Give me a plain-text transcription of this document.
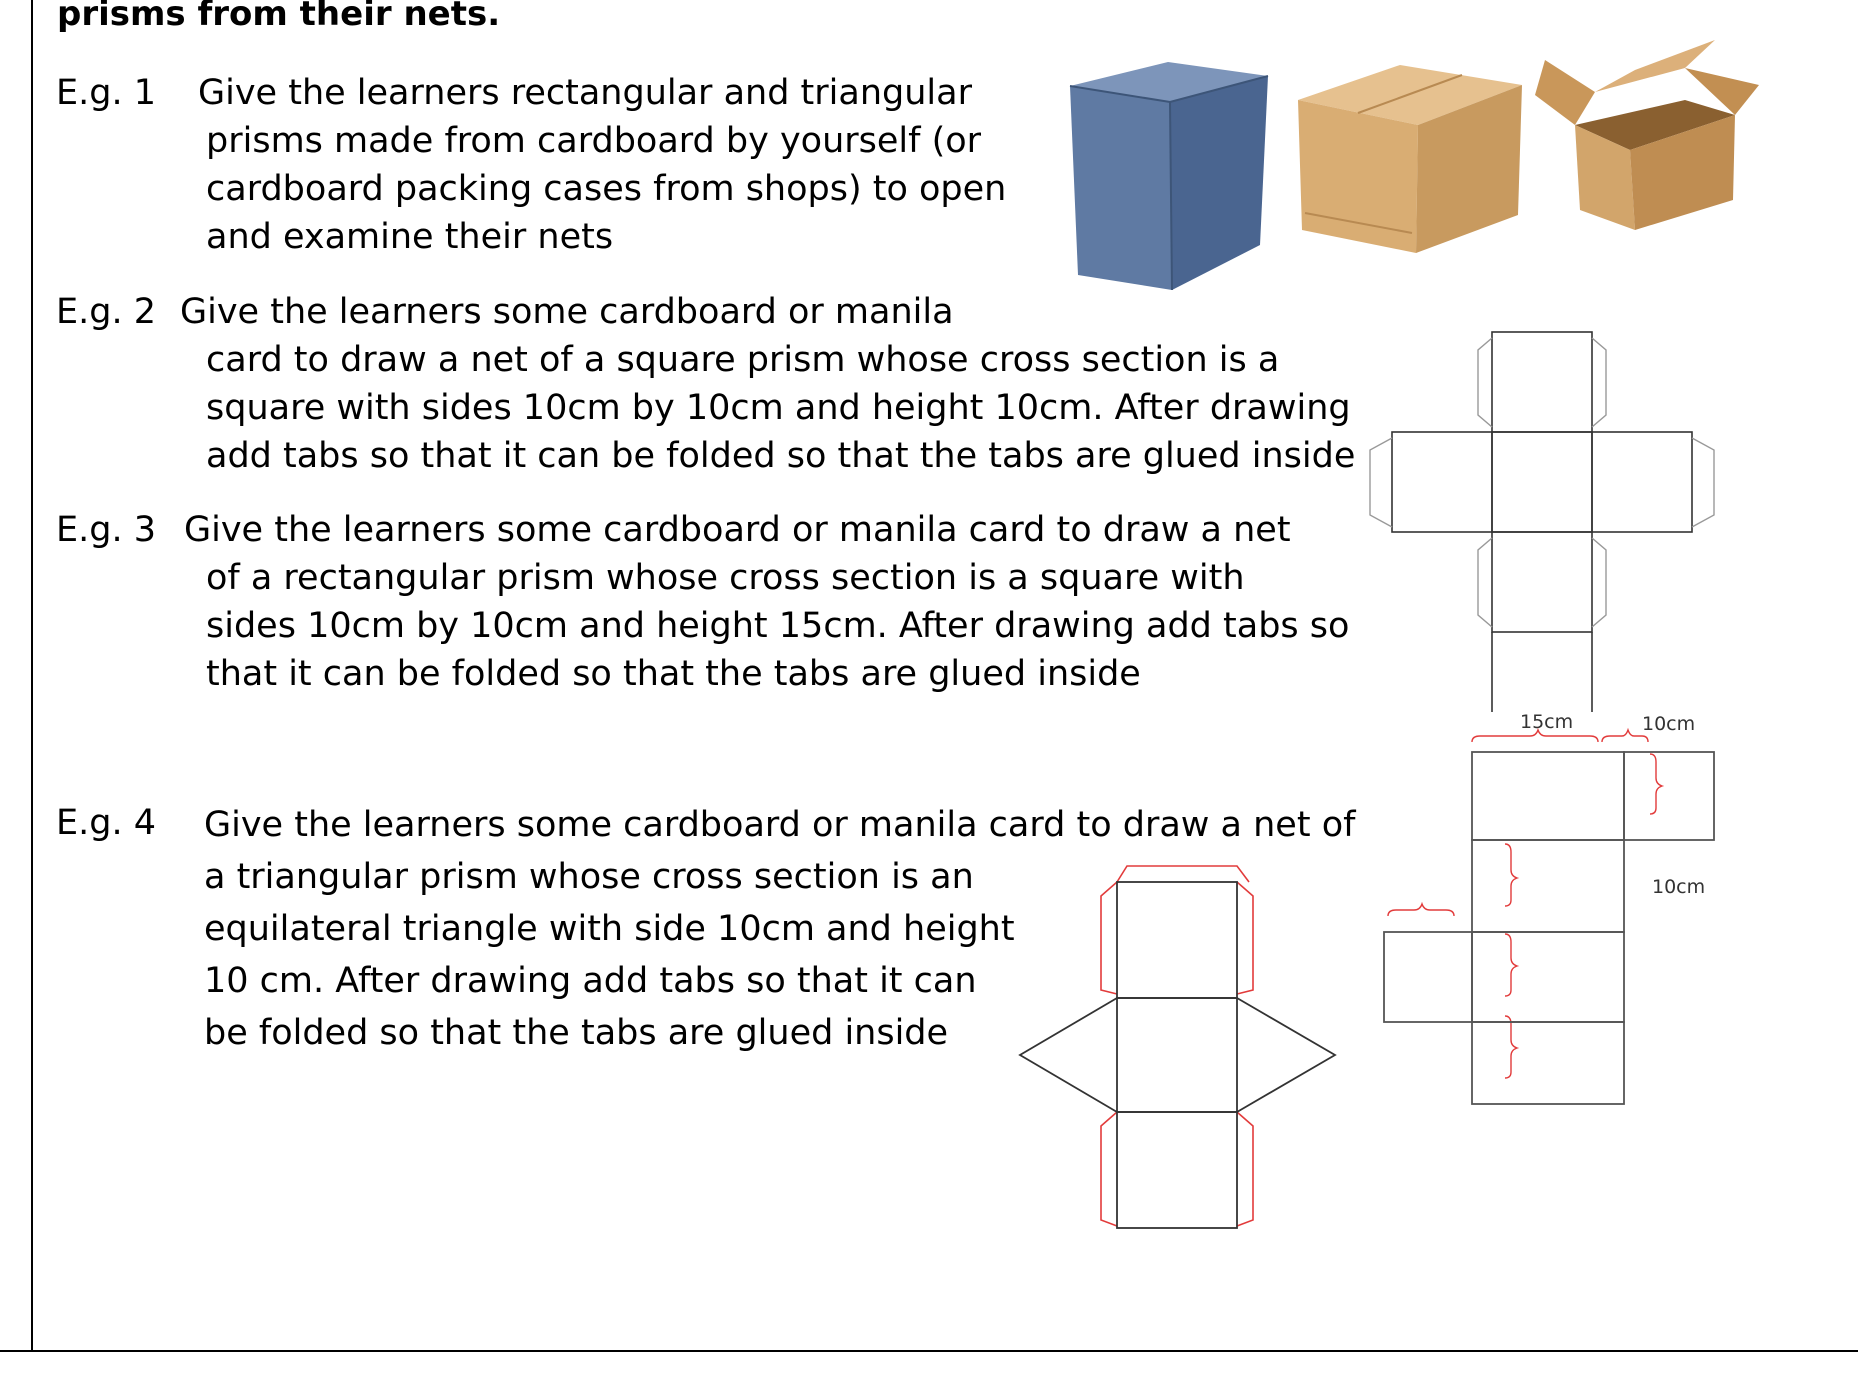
prisms from their nets.
E.g. 1 Give the learners rectangular and triangular
prisms made from cardboard by yourself (or
cardboard packing cases from shops) to open
and examine their nets
E.g. 2 Give the learners some cardboard or manila
card to draw a net of a square prism whose cross section is a
square with sides 10cm by 10cm and height 10cm. After drawing
add tabs so that it can be folded so that the tabs are glued inside
E.g. 3 Give the learners some cardboard or manila card to draw a net
of a rectangular prism whose cross section is a square with
sides 10cm by 10cm and height 15cm. After drawing add tabs so
that it can be folded so that the tabs are glued inside
E.g. 4 Give the learners some cardboard or manila card to draw a net of
a triangular prism whose cross section is an
equilateral triangle with side 10cm and height
10 cm. After drawing add tabs so that it can
be folded so that the tabs are glued inside
15cm	10cm
10cm
